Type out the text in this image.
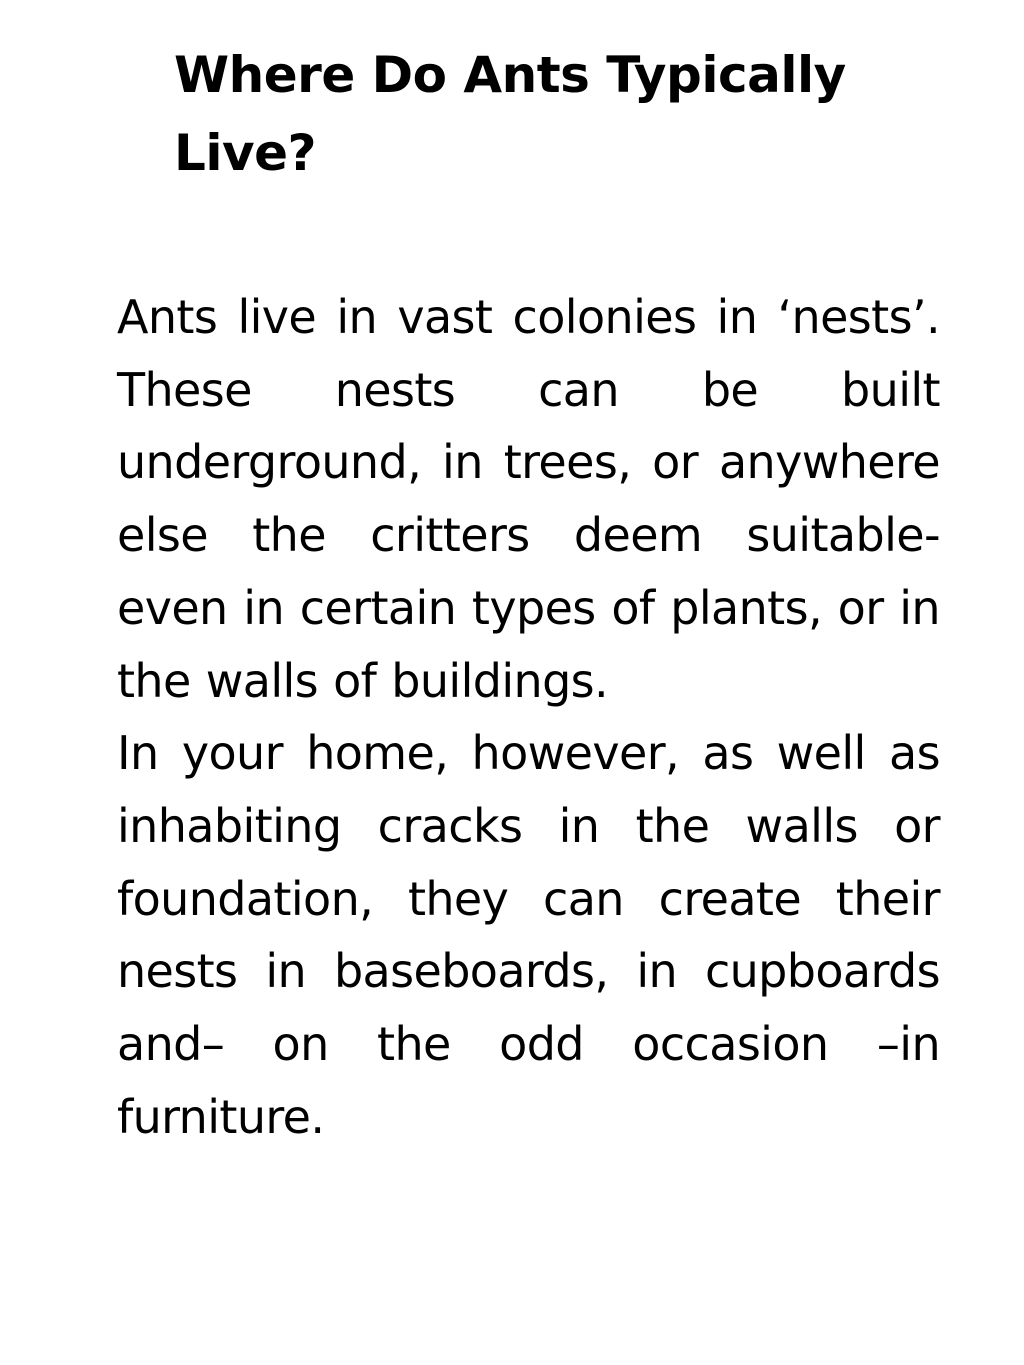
Where Do Ants Typically Live?

Ants live in vast colonies in ‘nests’. These nests can be built underground, in trees, or anywhere else the critters deem suitable- even in certain types of plants, or in the walls of buildings.

In your home, however, as well as inhabiting cracks in the walls or foundation, they can create their nests in baseboards, in cupboards and– on the odd occasion –in furniture.
